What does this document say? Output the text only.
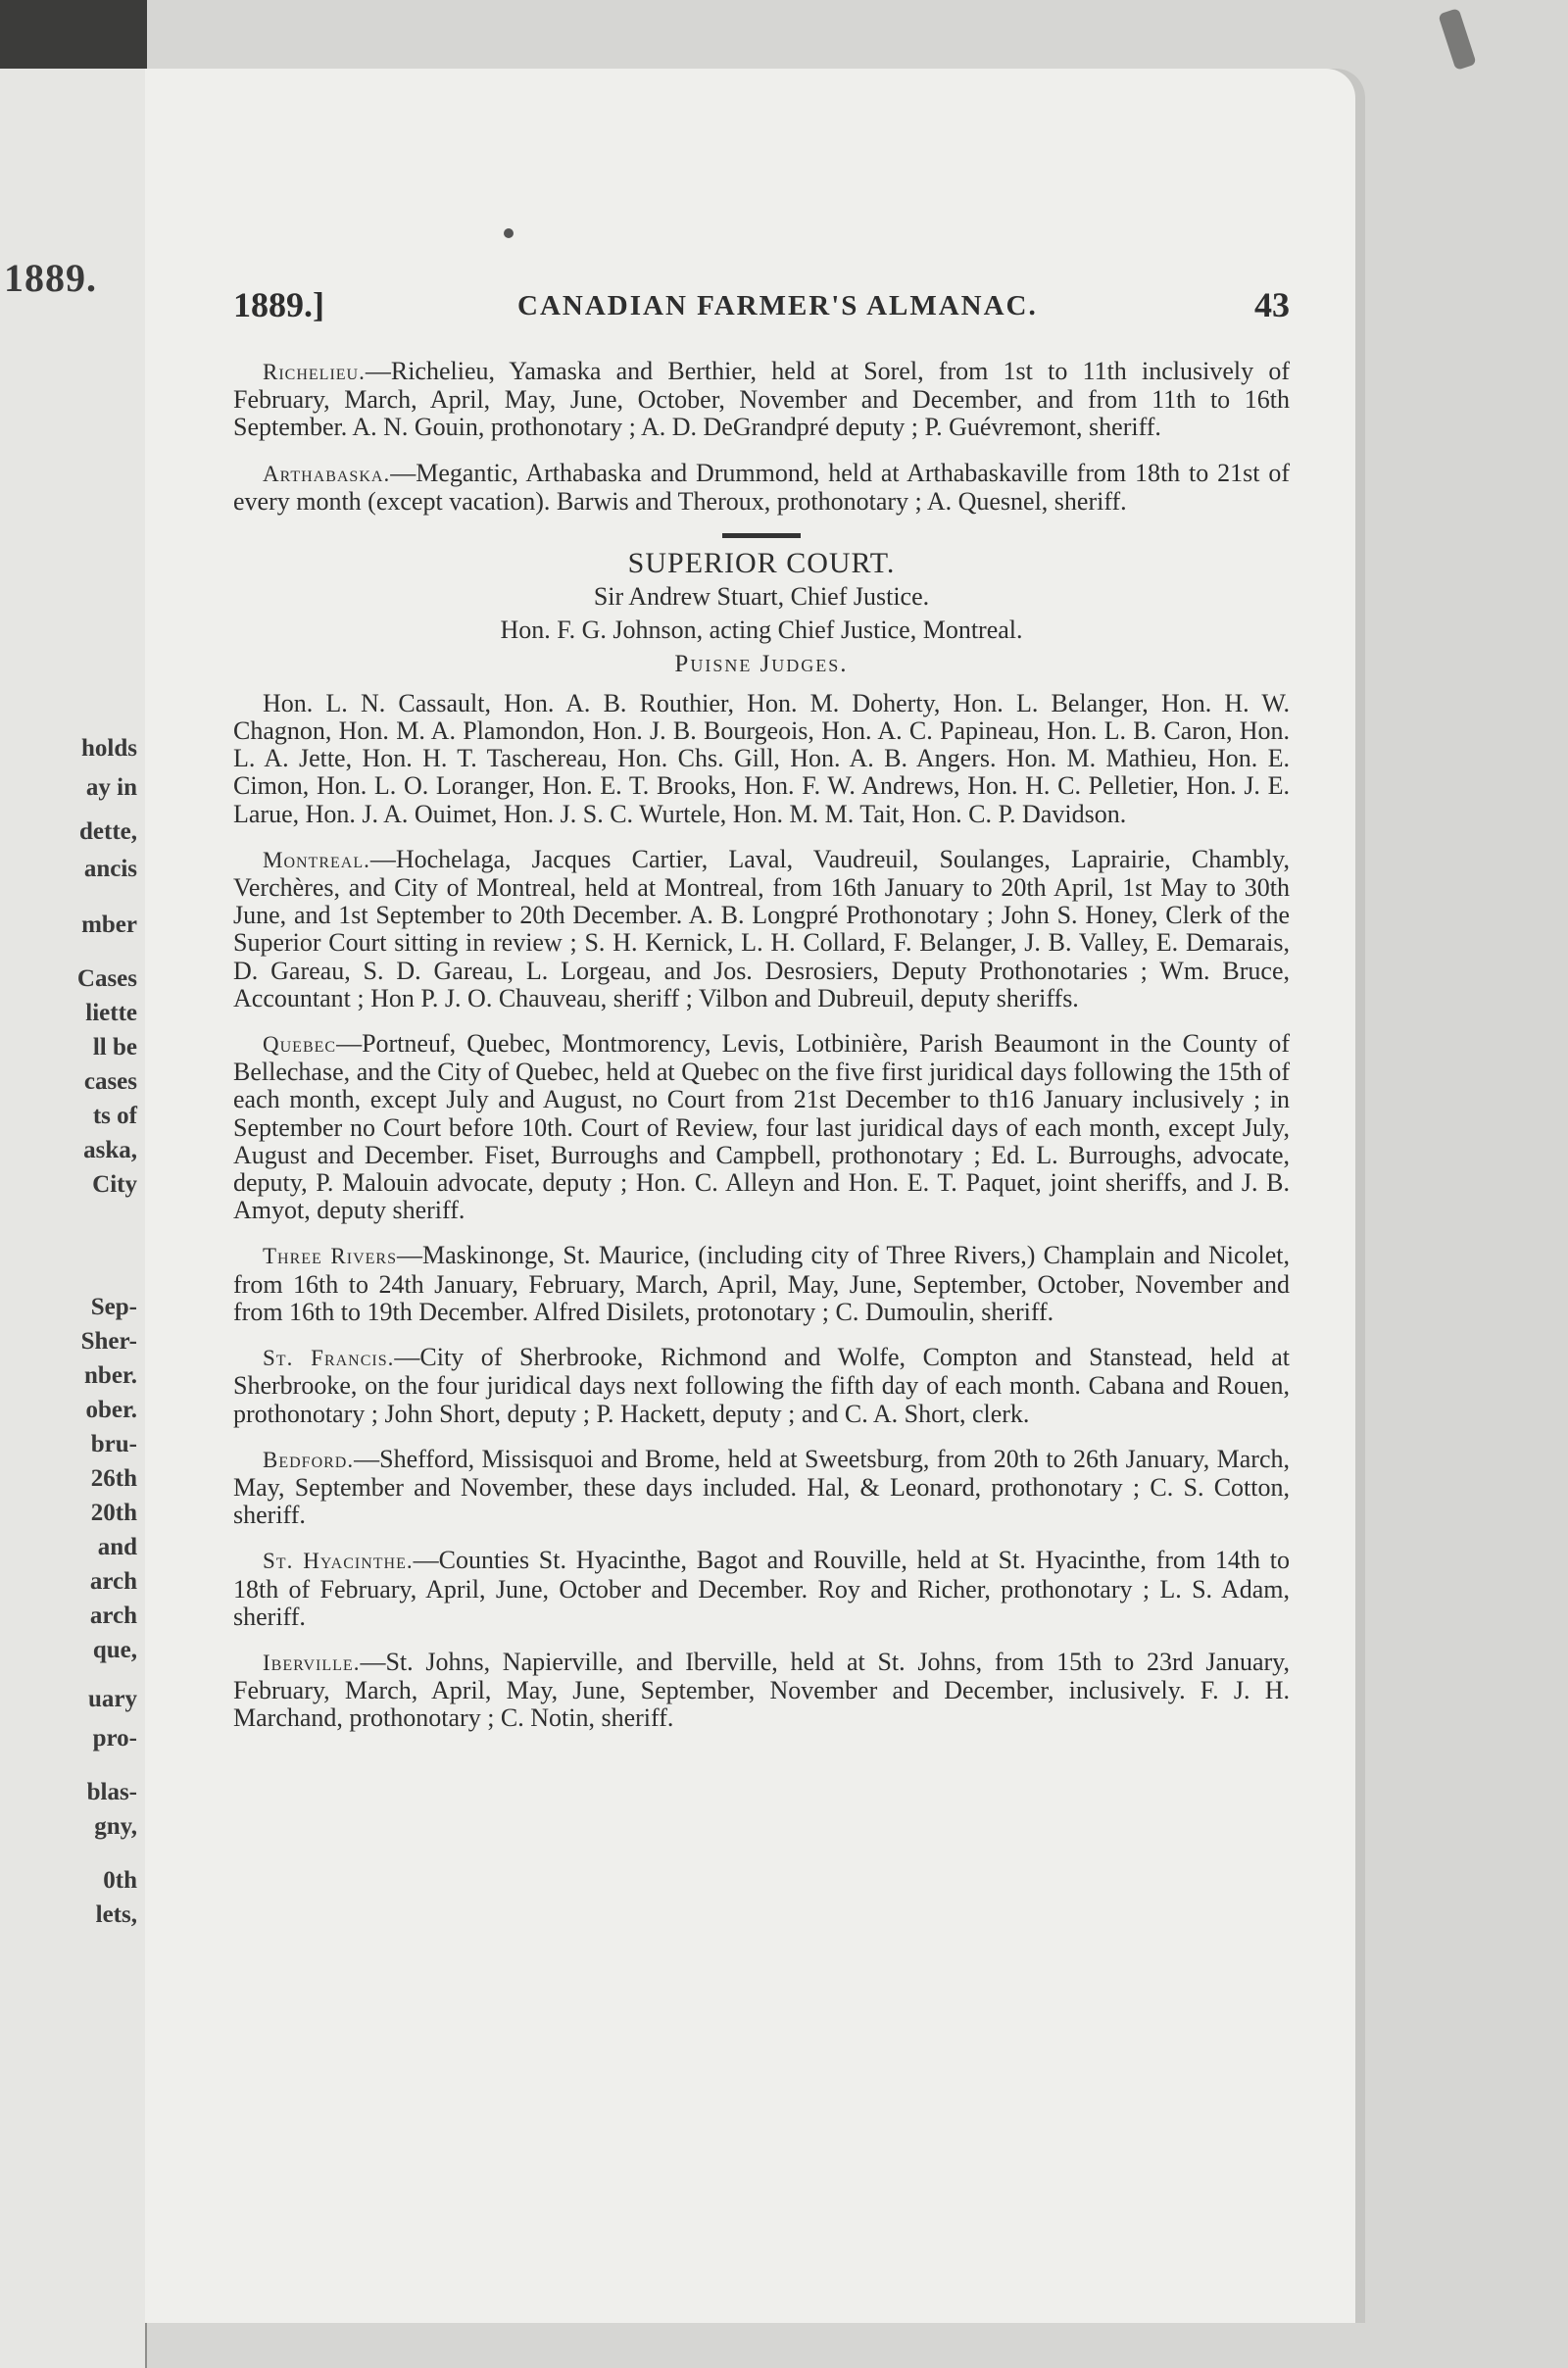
1889.
holds
ay in
dette,
ancis
mber
Cases
liette
ll be
cases
ts of
aska,
City
Sep-
Sher-
nber.
ober.
bru-
26th
20th
and
arch
arch
que,
uary
pro-
blas-
gny,
0th
lets,
1889.]	CANADIAN FARMER'S ALMANAC.	43

Richelieu.—Richelieu, Yamaska and Berthier, held at Sorel, from 1st to 11th inclusively of February, March, April, May, June, October, November and December, and from 11th to 16th September. A. N. Gouin, prothonotary ; A. D. DeGrandpré deputy ; P. Guévremont, sheriff.

Arthabaska.—Megantic, Arthabaska and Drummond, held at Arthabaskaville from 18th to 21st of every month (except vacation). Barwis and Theroux, prothonotary ; A. Quesnel, sheriff.

SUPERIOR COURT.

Sir Andrew Stuart, Chief Justice.

Hon. F. G. Johnson, acting Chief Justice, Montreal.

Puisne Judges.

Hon. L. N. Cassault, Hon. A. B. Routhier, Hon. M. Doherty, Hon. L. Belanger, Hon. H. W. Chagnon, Hon. M. A. Plamondon, Hon. J. B. Bourgeois, Hon. A. C. Papineau, Hon. L. B. Caron, Hon. L. A. Jette, Hon. H. T. Taschereau, Hon. Chs. Gill, Hon. A. B. Angers. Hon. M. Mathieu, Hon. E. Cimon, Hon. L. O. Loranger, Hon. E. T. Brooks, Hon. F. W. Andrews, Hon. H. C. Pelletier, Hon. J. E. Larue, Hon. J. A. Ouimet, Hon. J. S. C. Wurtele, Hon. M. M. Tait, Hon. C. P. Davidson.

Montreal.—Hochelaga, Jacques Cartier, Laval, Vaudreuil, Soulanges, Laprairie, Chambly, Verchères, and City of Montreal, held at Montreal, from 16th January to 20th April, 1st May to 30th June, and 1st September to 20th December. A. B. Longpré Prothonotary ; John S. Honey, Clerk of the Superior Court sitting in review ; S. H. Kernick, L. H. Collard, F. Belanger, J. B. Valley, E. Demarais, D. Gareau, S. D. Gareau, L. Lorgeau, and Jos. Desrosiers, Deputy Prothonotaries ; Wm. Bruce, Accountant ; Hon P. J. O. Chauveau, sheriff ; Vilbon and Dubreuil, deputy sheriffs.

Quebec—Portneuf, Quebec, Montmorency, Levis, Lotbinière, Parish Beaumont in the County of Bellechase, and the City of Quebec, held at Quebec on the five first juridical days following the 15th of each month, except July and August, no Court from 21st December to th16 January inclusively ; in September no Court before 10th. Court of Review, four last juridical days of each month, except July, August and December. Fiset, Burroughs and Campbell, prothonotary ; Ed. L. Burroughs, advocate, deputy, P. Malouin advocate, deputy ; Hon. C. Alleyn and Hon. E. T. Paquet, joint sheriffs, and J. B. Amyot, deputy sheriff.

Three Rivers—Maskinonge, St. Maurice, (including city of Three Rivers,) Champlain and Nicolet, from 16th to 24th January, February, March, April, May, June, September, October, November and from 16th to 19th December. Alfred Disilets, protonotary ; C. Dumoulin, sheriff.

St. Francis.—City of Sherbrooke, Richmond and Wolfe, Compton and Stanstead, held at Sherbrooke, on the four juridical days next following the fifth day of each month. Cabana and Rouen, prothonotary ; John Short, deputy ; P. Hackett, deputy ; and C. A. Short, clerk.

Bedford.—Shefford, Missisquoi and Brome, held at Sweetsburg, from 20th to 26th January, March, May, September and November, these days included. Hal, & Leonard, prothonotary ; C. S. Cotton, sheriff.

St. Hyacinthe.—Counties St. Hyacinthe, Bagot and Rouville, held at St. Hyacinthe, from 14th to 18th of February, April, June, October and December. Roy and Richer, prothonotary ; L. S. Adam, sheriff.

Iberville.—St. Johns, Napierville, and Iberville, held at St. Johns, from 15th to 23rd January, February, March, April, May, June, September, November and December, inclusively. F. J. H. Marchand, prothonotary ; C. Notin, sheriff.
